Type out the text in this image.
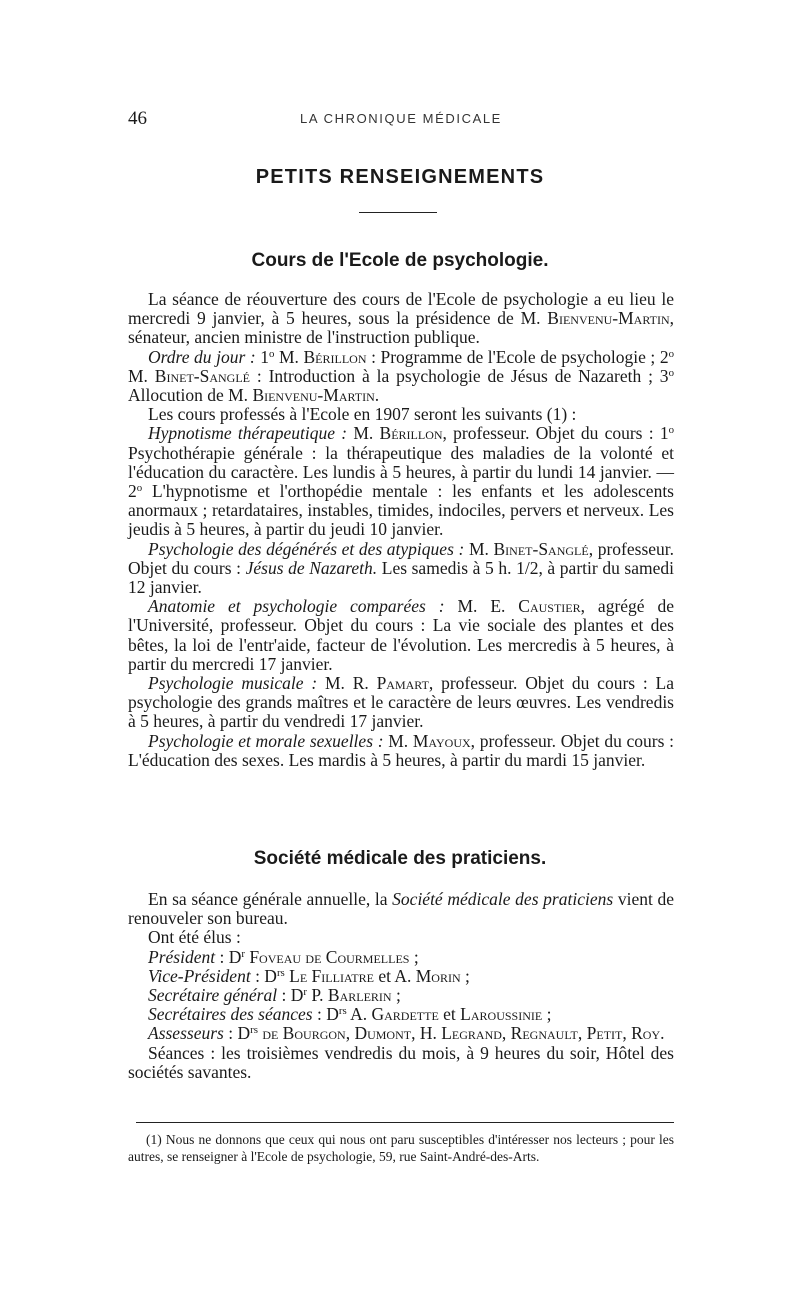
46	LA CHRONIQUE MÉDICALE
PETITS RENSEIGNEMENTS
Cours de l'Ecole de psychologie.

La séance de réouverture des cours de l'Ecole de psychologie a eu lieu le mercredi 9 janvier, à 5 heures, sous la présidence de M. Bienvenu-Martin, sénateur, ancien ministre de l'instruction publique.

Ordre du jour : 1$^o$ M. Bérillon : Programme de l'Ecole de psychologie ; 2$^o$ M. Binet-Sanglé : Introduction à la psychologie de Jésus de Nazareth ; 3$^o$ Allocution de M. Bienvenu-Martin.

Les cours professés à l'Ecole en 1907 seront les suivants (1) :

Hypnotisme thérapeutique : M. Bérillon, professeur. Objet du cours : 1$^o$ Psychothérapie générale : la thérapeutique des maladies de la volonté et l'éducation du caractère. Les lundis à 5 heures, à partir du lundi 14 janvier. — 2$^o$ L'hypnotisme et l'orthopédie mentale : les enfants et les adolescents anormaux ; retardataires, instables, timides, indociles, pervers et nerveux. Les jeudis à 5 heures, à partir du jeudi 10 janvier.

Psychologie des dégénérés et des atypiques : M. Binet-Sanglé, professeur. Objet du cours : Jésus de Nazareth. Les samedis à 5 h. 1/2, à partir du samedi 12 janvier.

Anatomie et psychologie comparées : M. E. Caustier, agrégé de l'Université, professeur. Objet du cours : La vie sociale des plantes et des bêtes, la loi de l'entr'aide, facteur de l'évolution. Les mercredis à 5 heures, à partir du mercredi 17 janvier.

Psychologie musicale : M. R. Pamart, professeur. Objet du cours : La psychologie des grands maîtres et le caractère de leurs œuvres. Les vendredis à 5 heures, à partir du vendredi 17 janvier.

Psychologie et morale sexuelles : M. Mayoux, professeur. Objet du cours : L'éducation des sexes. Les mardis à 5 heures, à partir du mardi 15 janvier.

Société médicale des praticiens.

En sa séance générale annuelle, la Société médicale des praticiens vient de renouveler son bureau.

Ont été élus :

Président : $D^r$ Foveau de Courmelles ;

Vice-Président : $D^{rs}$ Le Filliatre et A. Morin ;

Secrétaire général : $D^r$ P. Barlerin ;

Secrétaires des séances : $D^{rs}$ A. Gardette et Laroussinie ;

Assesseurs : $D^{rs}$ de Bourgon, Dumont, H. Legrand, Regnault, Petit, Roy.

Séances : les troisièmes vendredis du mois, à 9 heures du soir, Hôtel des sociétés savantes.

(1) Nous ne donnons que ceux qui nous ont paru susceptibles d'intéresser nos lecteurs ; pour les autres, se renseigner à l'Ecole de psychologie, 59, rue Saint-André-des-Arts.
